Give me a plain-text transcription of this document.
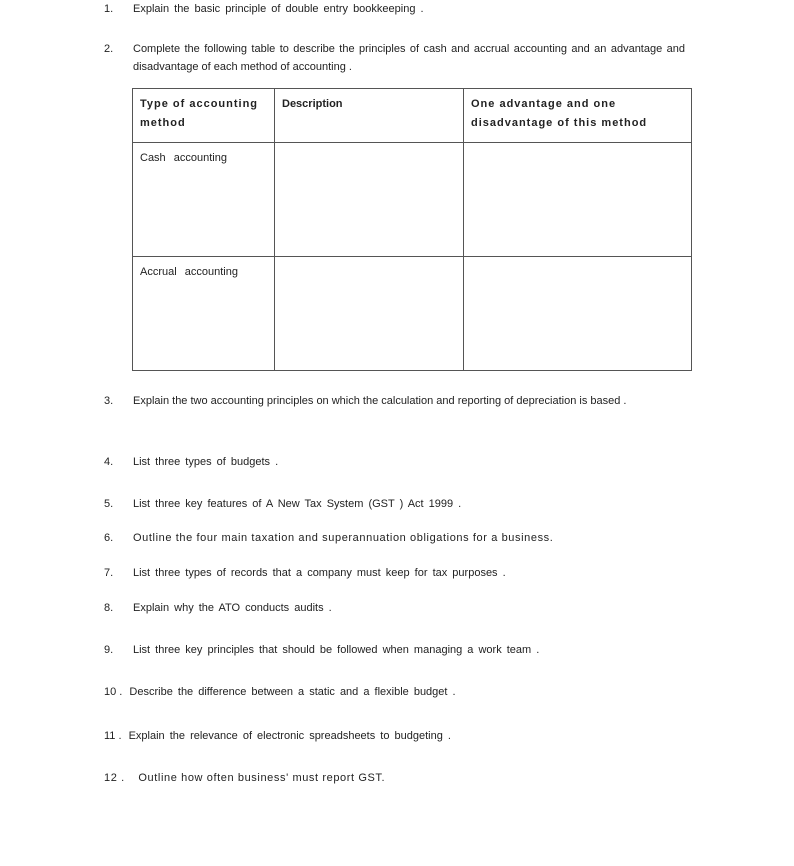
1. Explain the basic principle of double entry bookkeeping .
2. Complete the following table to describe the principles of cash and accrual accounting and an advantage and disadvantage of each method of accounting .
Type of accounting method	Description	One advantage and one disadvantage of this method
Cash accounting		
Accrual accounting		
3. Explain the two accounting principles on which the calculation and reporting of depreciation is based .
4. List three types of budgets .
5. List three key features of A New Tax System (GST ) Act 1999 .
6. Outline the four main taxation and superannuation obligations for a business.
7. List three types of records that a company must keep for tax purposes .
8. Explain why the ATO conducts audits .
9. List three key principles that should be followed when managing a work team .
10 . Describe the difference between a static and a flexible budget .
11 . Explain the relevance of electronic spreadsheets to budgeting .
12 . Outline how often business' must report GST.
